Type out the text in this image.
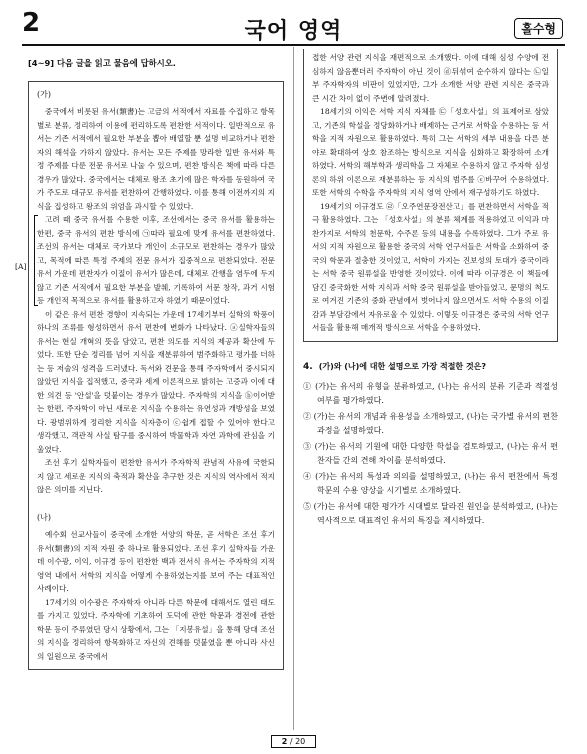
2	국어 영역	홀수형
[4~9] 다음 글을 읽고 물음에 답하시오.
(가)

중국에서 비롯된 유서(類書)는 고금의 서적에서 자료를 수집하고 항목별로 분류, 정리하여 이용에 편리하도록 편찬한 서적이다. 일반적으로 유서는 기존 서적에서 필요한 부분을 뽑아 배열할 뿐 설명 비교하거나 편찬자의 해석을 가하지 않았다. 유서는 모든 주제를 망라한 일반 유서와 특정 주제를 다룬 전문 유서로 나눌 수 있으며, 편찬 방식은 책에 따라 다른 경우가 많았다. 중국에서는 대체로 왕조 초기에 많은 학자를 동원하여 국가 주도로 대규모 유서를 편찬하여 간행하였다. 이를 통해 이전까지의 지식을 집성하고 왕조의 위엄을 과시할 수 있었다.

[A]

고려 때 중국 유서를 수용한 이후, 조선에서는 중국 유서를 활용하는 한편, 중국 유서의 편찬 방식에 ㉠따라 필요에 맞게 유서를 편찬하였다. 조선의 유서는 대체로 국가보다 개인이 소규모로 편찬하는 경우가 많았고, 목적에 따른 특정 주제의 전문 유서가 집중적으로 편찬되었다. 전문 유서 가운데 편찬자가 이질이 유서가 많은데, 대체로 간행을 염두에 두지 않고 기존 서적에서 필요한 부분을 발췌, 기록하여 서문 창작, 과거 시험 등 개인적 목적으로 유서를 활용하고자 하였기 때문이었다.

이 같은 유서 편찬 경향이 지속되는 가운데 17세기부터 실학의 학풍이 하나의 조류를 형성하면서 유서 편찬에 변화가 나타났다. ⓐ실학자들의 유서는 현실 개혁의 뜻을 담았고, 편찬 의도를 지식의 제공과 확산에 두었다. 또한 단순 정리를 넘어 지식을 재분류하여 범주화하고 평가를 더하는 등 저술의 성격을 드러냈다. 독서와 견문을 통해 주자학에서 중시되지 않았던 지식을 집적했고, 중국과 세계 이론적으로 밝히는 고증과 이에 대한 의견 등 '안설'을 덧붙이는 경우가 많았다. 주자학의 지식을 ⓑ이어받는 한편, 주자학이 아닌 새로운 지식을 수용하는 유연성과 개방성을 보였다. 광범위하게 정리한 지식을 식자층이 ⓒ쉽게 접할 수 있어야 한다고 생각했고, 객관적 사실 탐구를 중시하여 박물학과 자연 과학에 관심을 기울였다.

조선 후기 실학자들이 편찬한 유서가 주자학적 관념적 사유에 국한되지 않고 세로운 지식의 축적과 확산을 추구한 것은 지식의 역사에서 적지 않은 의미를 지닌다.

(나)

예수회 선교사들이 중국에 소개한 서양의 학문, 곧 서학은 조선 후기 유서(類書)의 지적 자원 중 하나로 활용되었다. 조선 후기 실학자들 가운데 이수광, 이익, 이규경 등이 편찬한 백과 전서식 유서는 주자학의 지적 영역 내에서 서학의 지식을 어떻게 수용하였는지를 보여 주는 대표적인 사례이다.

17세기의 이수광은 주자학자 아니라 다른 학문에 대해서도 열린 태도를 가지고 있었다. 주자학에 기초하여 도덕에 관한 학문과 경전에 관한 학문 등이 주류였던 당시 상황에서, 그는 「지봉유설」을 통해 당대 조선의 지식을 정리하여 항목화하고 자신의 견해를 덧붙였을 뿐 아니라 사신의 일원으로 중국에서

접한 서양 관련 지식을 재편적으로 소개했다. 이에 대해 심성 수양에 전심하지 않음뿐더러 주자학이 아닌 것이 ⓓ뒤섞여 순수하지 않다는 ㉡일부 주자학자의 비판이 있었지만, 그가 소개한 서양 관련 지식은 중국과 큰 시간 차이 없이 주변에 알려졌다.

18세기의 이익은 서학 지식 자체를 ㉢「성호사설」의 표제어로 삼았고, 기존의 학설을 정당화하거나 배제하는 근거로 서학을 수용하는 등 서학을 지적 자원으로 활용하였다. 특히 그는 서학의 세부 내용을 다른 분야로 확대하여 상호 참조하는 방식으로 지식을 심화하고 확장하여 소개하였다. 서학의 해부학과 생리학을 그 자체로 수용하지 않고 주자학 심성론의 하위 이론으로 재분류하는 등 지식의 범주를 ⓔ바꾸어 수용하였다. 또한 서학의 수학을 주자학의 지식 영역 안에서 재구성하기도 하였다.

19세기의 이규경도 ㉣「오주연문장전산고」를 편찬하면서 서학을 적극 활용하였다. 그는 「성호사설」의 분류 체계를 적용하였고 이익과 마찬가지로 서학의 천문학, 수주론 등의 내용을 수록하였다. 그가 주로 유서의 지적 자원으로 활용한 중국의 서학 연구서들은 서학을 소화하여 중국의 학문과 절충한 것이었고, 서학이 가지는 진보성의 토대가 중국이라는 서학 중국 원류설을 반영한 것이었다. 이에 따라 이규경은 이 책들에 담긴 중국화한 서학 지식과 서학 중국 원류설을 받아들였고, 문명의 척도로 여겨진 기존의 중화 관념에서 벗어나지 않으면서도 서학 수용의 이질감과 부담감에서 자유로울 수 있었다. 이렇듯 이규경은 중국의 서학 연구서들을 활용해 매개적 방식으로 서학을 수용하였다.

4. (가)와 (나)에 대한 설명으로 가장 적절한 것은?
① (가)는 유서의 유형을 분류하였고, (나)는 유서의 분류 기준과 적절성 여부를 평가하였다.
② (가)는 유서의 개념과 유용성을 소개하였고, (나)는 국가별 유서의 편찬 과정을 설명하였다.
③ (가)는 유서의 기원에 대한 다양한 학설을 검토하였고, (나)는 유서 편찬자들 간의 견해 차이를 분석하였다.
④ (가)는 유서의 특성과 의의를 설명하였고, (나)는 유서 편찬에서 특정 학문의 수용 양상을 시기별로 소개하였다.
⑤ (가)는 유서에 대한 평가가 시대별로 달라진 원인을 분석하였고, (나)는 역사적으로 대표적인 유서의 특징을 제시하였다.
2 / 20
